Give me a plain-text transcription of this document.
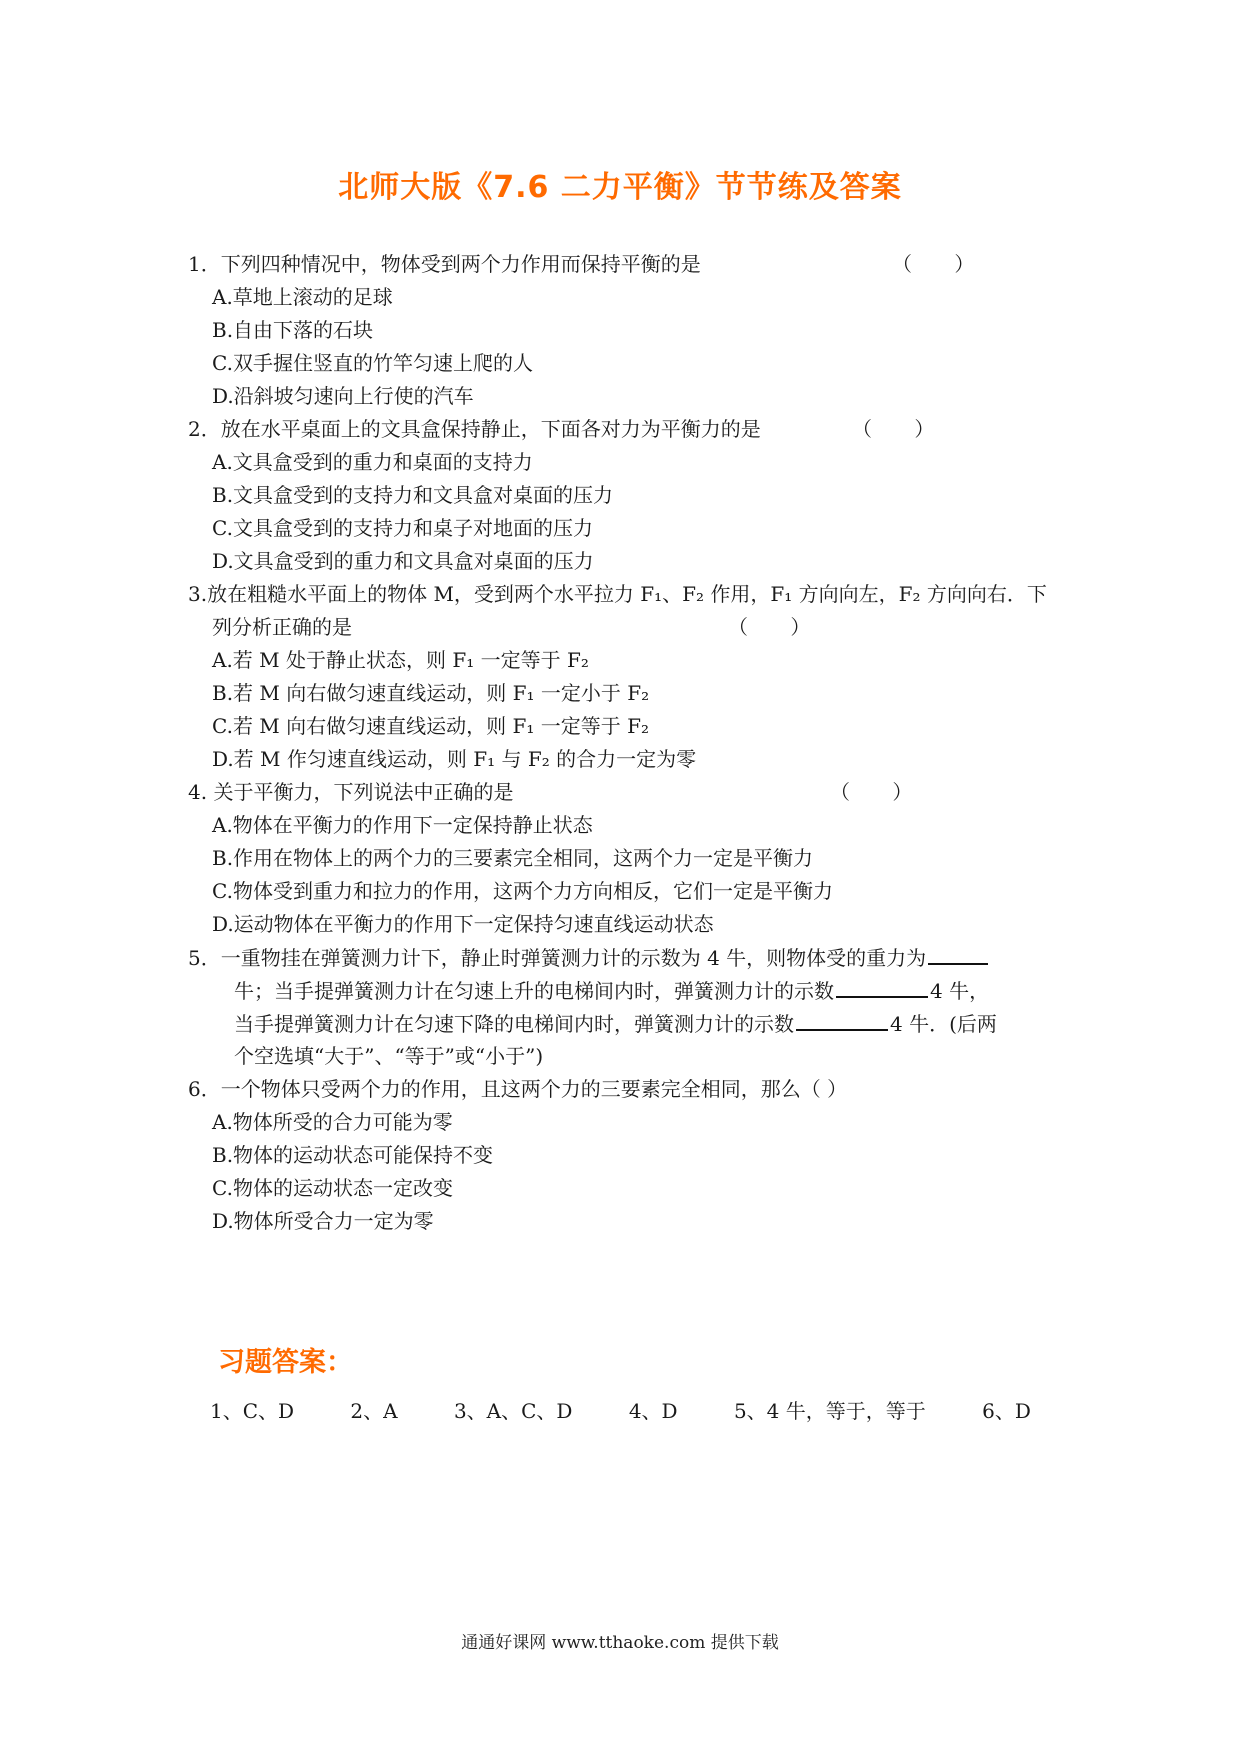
北师大版《7.6 二力平衡》节节练及答案
1．下列四种情况中，物体受到两个力作用而保持平衡的是	（ ）
A.草地上滚动的足球
B.自由下落的石块
C.双手握住竖直的竹竿匀速上爬的人
D.沿斜坡匀速向上行使的汽车
2．放在水平桌面上的文具盒保持静止，下面各对力为平衡力的是	（ ）
A.文具盒受到的重力和桌面的支持力
B.文具盒受到的支持力和文具盒对桌面的压力
C.文具盒受到的支持力和桌子对地面的压力
D.文具盒受到的重力和文具盒对桌面的压力
3.放在粗糙水平面上的物体 M，受到两个水平拉力 F₁、F₂ 作用，F₁ 方向向左，F₂ 方向向右．下
列分析正确的是	（ ）
A.若 M 处于静止状态，则 F₁ 一定等于 F₂
B.若 M 向右做匀速直线运动，则 F₁ 一定小于 F₂
C.若 M 向右做匀速直线运动，则 F₁ 一定等于 F₂
D.若 M 作匀速直线运动，则 F₁ 与 F₂ 的合力一定为零
4. 关于平衡力，下列说法中正确的是	（ ）
A.物体在平衡力的作用下一定保持静止状态
B.作用在物体上的两个力的三要素完全相同，这两个力一定是平衡力
C.物体受到重力和拉力的作用，这两个力方向相反，它们一定是平衡力
D.运动物体在平衡力的作用下一定保持匀速直线运动状态
5．一重物挂在弹簧测力计下，静止时弹簧测力计的示数为 4 牛，则物体受的重力为
牛；当手提弹簧测力计在匀速上升的电梯间内时，弹簧测力计的示数	4 牛，
当手提弹簧测力计在匀速下降的电梯间内时，弹簧测力计的示数	4 牛．(后两
个空选填“大于”、“等于”或“小于”)
6．一个物体只受两个力的作用，且这两个力的三要素完全相同，那么（ ）
A.物体所受的合力可能为零
B.物体的运动状态可能保持不变
C.物体的运动状态一定改变
D.物体所受合力一定为零
习题答案：
1、C、D	2、A	3、A、C、D	4、D	5、4 牛，等于，等于	6、D
通通好课网 www.tthaoke.com 提供下载
